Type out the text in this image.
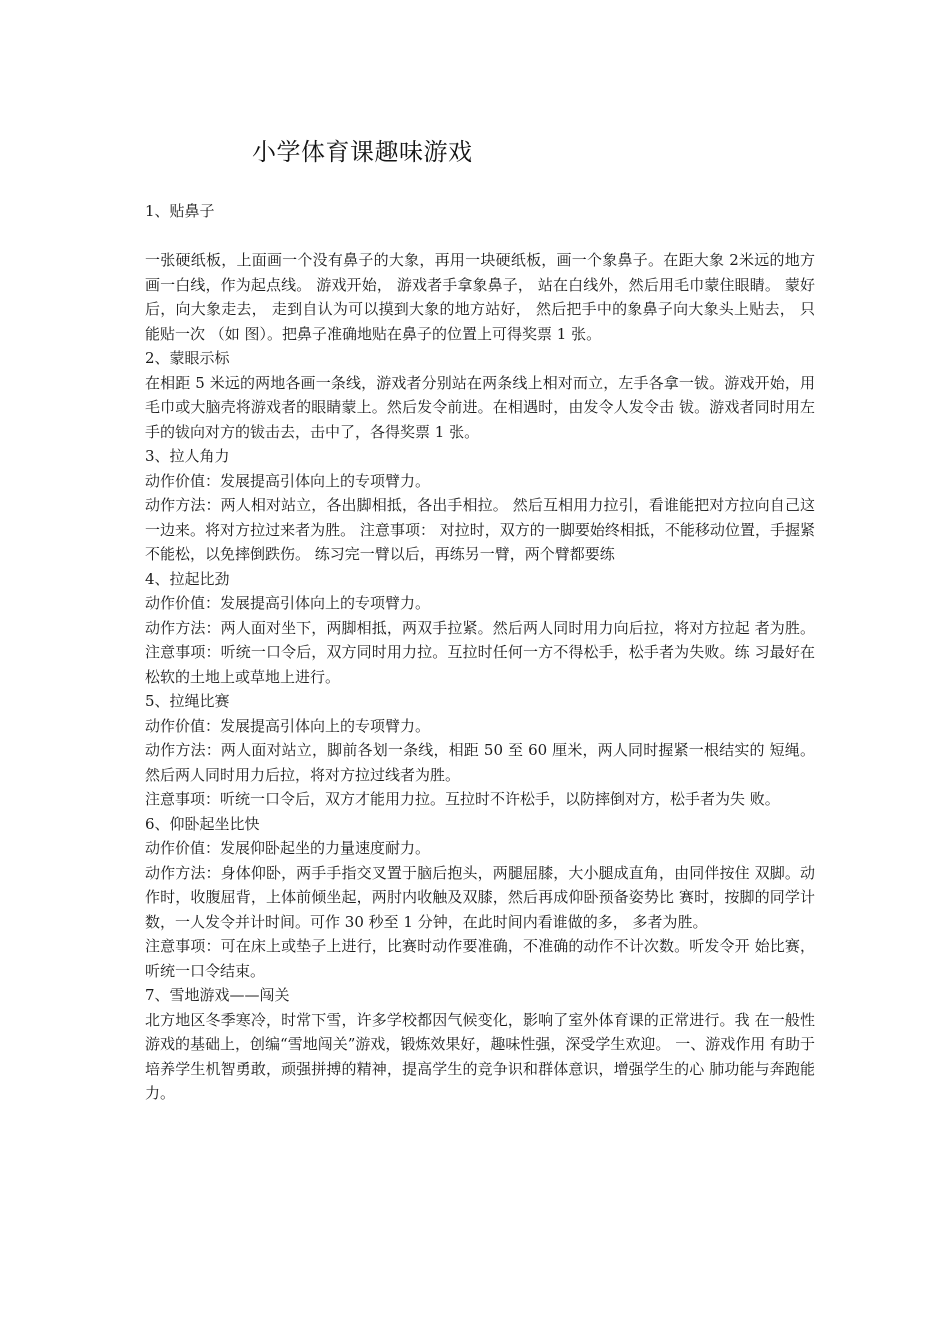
小学体育课趣味游戏

1、贴鼻子

一张硬纸板，上面画一个没有鼻子的大象，再用一块硬纸板，画一个象鼻子。在距大象 2米远的地方画一白线，作为起点线。 游戏开始， 游戏者手拿象鼻子， 站在白线外，然后用毛巾蒙住眼睛。 蒙好后，向大象走去， 走到自认为可以摸到大象的地方站好， 然后把手中的象鼻子向大象头上贴去， 只能贴一次 （如 图）。把鼻子准确地贴在鼻子的位置上可得奖票 1 张。

2、蒙眼示标

在相距 5 米远的两地各画一条线，游戏者分别站在两条线上相对而立，左手各拿一钹。游戏开始，用毛巾或大脑壳将游戏者的眼睛蒙上。然后发令前进。在相遇时，由发令人发令击 钹。游戏者同时用左手的钹向对方的钹击去，击中了，各得奖票 1 张。

3、拉人角力

动作价值：发展提高引体向上的专项臂力。

动作方法：两人相对站立，各出脚相抵，各出手相拉。 然后互相用力拉引，看谁能把对方拉向自己这一边来。将对方拉过来者为胜。 注意事项： 对拉时，双方的一脚要始终相抵，不能移动位置，手握紧不能松，以免摔倒跌伤。 练习完一臂以后，再练另一臂，两个臂都要练

4、拉起比劲

动作价值：发展提高引体向上的专项臂力。

动作方法：两人面对坐下，两脚相抵，两双手拉紧。然后两人同时用力向后拉，将对方拉起 者为胜。 注意事项：听统一口令后，双方同时用力拉。互拉时任何一方不得松手，松手者为失败。练 习最好在松软的土地上或草地上进行。

5、拉绳比赛

动作价值：发展提高引体向上的专项臂力。

动作方法：两人面对站立，脚前各划一条线，相距 50 至 60 厘米，两人同时握紧一根结实的 短绳。然后两人同时用力后拉，将对方拉过线者为胜。

注意事项：听统一口令后，双方才能用力拉。互拉时不许松手，以防摔倒对方，松手者为失 败。

6、仰卧起坐比快

动作价值：发展仰卧起坐的力量速度耐力。

动作方法：身体仰卧，两手手指交叉置于脑后抱头，两腿屈膝，大小腿成直角，由同伴按住 双脚。动作时，收腹屈背，上体前倾坐起，两肘内收触及双膝，然后再成仰卧预备姿势比 赛时，按脚的同学计数，一人发令并计时间。可作 30 秒至 1 分钟，在此时间内看谁做的多， 多者为胜。

注意事项：可在床上或垫子上进行，比赛时动作要准确，不准确的动作不计次数。听发令开 始比赛，听统一口令结束。

7、雪地游戏——闯关

北方地区冬季寒冷，时常下雪，许多学校都因气候变化，影响了室外体育课的正常进行。我 在一般性游戏的基础上，创编“雪地闯关”游戏，锻炼效果好，趣味性强，深受学生欢迎。 一、游戏作用 有助于培养学生机智勇敢，顽强拼搏的精神，提高学生的竞争识和群体意识，增强学生的心 肺功能与奔跑能力。
